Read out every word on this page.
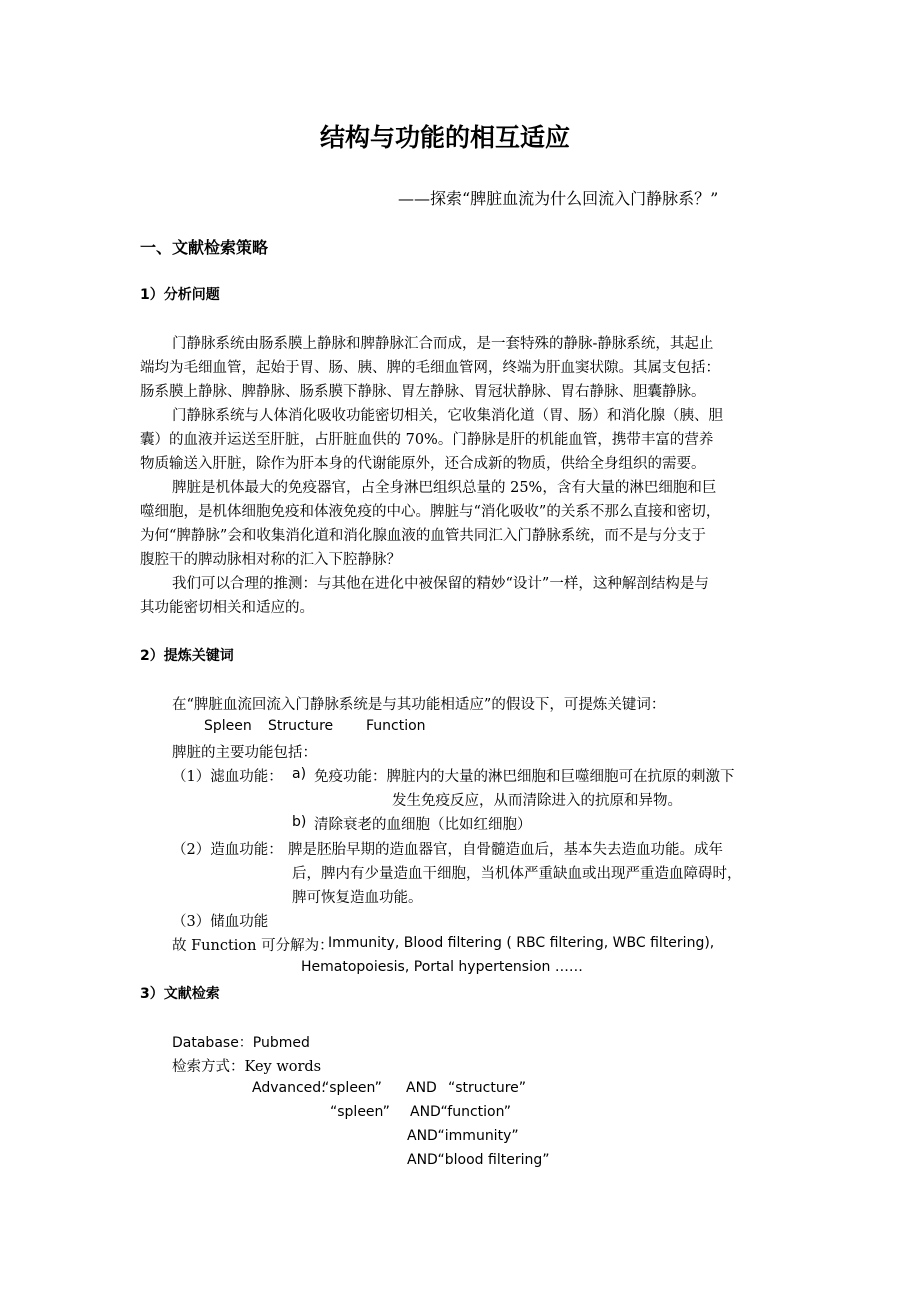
结构与功能的相互适应
——探索“脾脏血流为什么回流入门静脉系？”
一、文献检索策略
1）分析问题
门静脉系统由肠系膜上静脉和脾静脉汇合而成，是一套特殊的静脉-静脉系统，其起止
端均为毛细血管，起始于胃、肠、胰、脾的毛细血管网，终端为肝血窦状隙。其属支包括：
肠系膜上静脉、脾静脉、肠系膜下静脉、胃左静脉、胃冠状静脉、胃右静脉、胆囊静脉。
门静脉系统与人体消化吸收功能密切相关，它收集消化道（胃、肠）和消化腺（胰、胆
囊）的血液并运送至肝脏，占肝脏血供的 70%。门静脉是肝的机能血管，携带丰富的营养
物质输送入肝脏，除作为肝本身的代谢能原外，还合成新的物质，供给全身组织的需要。
脾脏是机体最大的免疫器官，占全身淋巴组织总量的 25%，含有大量的淋巴细胞和巨
噬细胞，是机体细胞免疫和体液免疫的中心。脾脏与“消化吸收”的关系不那么直接和密切，
为何“脾静脉”会和收集消化道和消化腺血液的血管共同汇入门静脉系统，而不是与分支于
腹腔干的脾动脉相对称的汇入下腔静脉？
我们可以合理的推测：与其他在进化中被保留的精妙“设计”一样，这种解剖结构是与
其功能密切相关和适应的。
2）提炼关键词
在“脾脏血流回流入门静脉系统是与其功能相适应”的假设下，可提炼关键词：
Spleen Structure Function
脾脏的主要功能包括：
（1）滤血功能： a) 免疫功能：脾脏内的大量的淋巴细胞和巨噬细胞可在抗原的刺激下
发生免疫反应，从而清除进入的抗原和异物。
b) 清除衰老的血细胞（比如红细胞）
（2）造血功能： 脾是胚胎早期的造血器官，自骨髓造血后，基本失去造血功能。成年
后，脾内有少量造血干细胞，当机体严重缺血或出现严重造血障碍时，
脾可恢复造血功能。
（3）储血功能
故 Function 可分解为：
Immunity, Blood filtering ( RBC filtering, WBC filtering),
Hematopoiesis, Portal hypertension ……
3）文献检索
Database：Pubmed
检索方式：Key words
Advanced:
“spleen” AND “structure”
“spleen” AND“function”
AND“immunity”
AND“blood filtering”
